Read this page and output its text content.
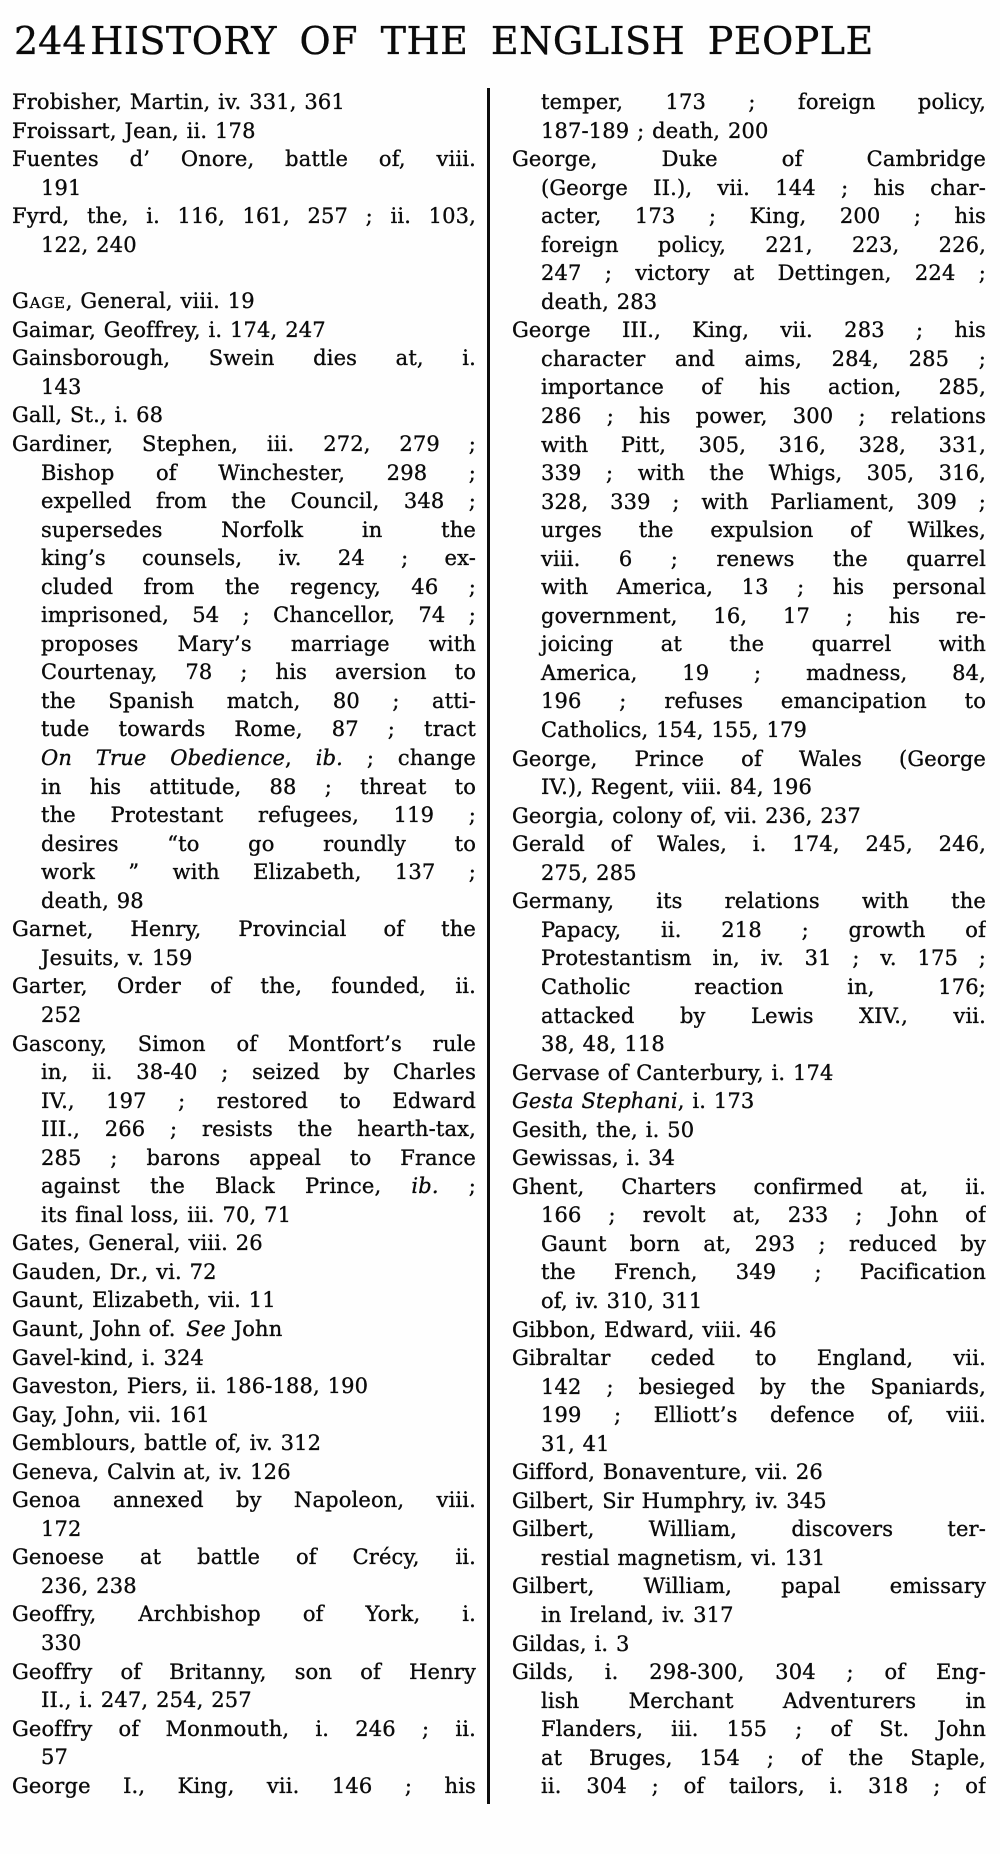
244 HISTORY OF THE ENGLISH PEOPLE
Frobisher, Martin, iv. 331, 361
Froissart, Jean, ii. 178
Fuentes d’ Onore, battle of, viii.
191
Fyrd, the, i. 116, 161, 257 ; ii. 103,
122, 240
Gage, General, viii. 19
Gaimar, Geoffrey, i. 174, 247
Gainsborough, Swein dies at, i.
143
Gall, St., i. 68
Gardiner, Stephen, iii. 272, 279 ;
Bishop of Winchester, 298 ;
expelled from the Council, 348 ;
supersedes Norfolk in the
king’s counsels, iv. 24 ; ex-
cluded from the regency, 46 ;
imprisoned, 54 ; Chancellor, 74 ;
proposes Mary’s marriage with
Courtenay, 78 ; his aversion to
the Spanish match, 80 ; atti-
tude towards Rome, 87 ; tract
On True Obedience, ib. ; change
in his attitude, 88 ; threat to
the Protestant refugees, 119 ;
desires “to go roundly to
work ” with Elizabeth, 137 ;
death, 98
Garnet, Henry, Provincial of the
Jesuits, v. 159
Garter, Order of the, founded, ii.
252
Gascony, Simon of Montfort’s rule
in, ii. 38-40 ; seized by Charles
IV., 197 ; restored to Edward
III., 266 ; resists the hearth-tax,
285 ; barons appeal to France
against the Black Prince, ib. ;
its final loss, iii. 70, 71
Gates, General, viii. 26
Gauden, Dr., vi. 72
Gaunt, Elizabeth, vii. 11
Gaunt, John of. See John
Gavel-kind, i. 324
Gaveston, Piers, ii. 186-188, 190
Gay, John, vii. 161
Gemblours, battle of, iv. 312
Geneva, Calvin at, iv. 126
Genoa annexed by Napoleon, viii.
172
Genoese at battle of Crécy, ii.
236, 238
Geoffry, Archbishop of York, i.
330
Geoffry of Britanny, son of Henry
II., i. 247, 254, 257
Geoffry of Monmouth, i. 246 ; ii.
57
George I., King, vii. 146 ; his
temper, 173 ; foreign policy,
187-189 ; death, 200
George, Duke of Cambridge
(George II.), vii. 144 ; his char-
acter, 173 ; King, 200 ; his
foreign policy, 221, 223, 226,
247 ; victory at Dettingen, 224 ;
death, 283
George III., King, vii. 283 ; his
character and aims, 284, 285 ;
importance of his action, 285,
286 ; his power, 300 ; relations
with Pitt, 305, 316, 328, 331,
339 ; with the Whigs, 305, 316,
328, 339 ; with Parliament, 309 ;
urges the expulsion of Wilkes,
viii. 6 ; renews the quarrel
with America, 13 ; his personal
government, 16, 17 ; his re-
joicing at the quarrel with
America, 19 ; madness, 84,
196 ; refuses emancipation to
Catholics, 154, 155, 179
George, Prince of Wales (George
IV.), Regent, viii. 84, 196
Georgia, colony of, vii. 236, 237
Gerald of Wales, i. 174, 245, 246,
275, 285
Germany, its relations with the
Papacy, ii. 218 ; growth of
Protestantism in, iv. 31 ; v. 175 ;
Catholic reaction in, 176;
attacked by Lewis XIV., vii.
38, 48, 118
Gervase of Canterbury, i. 174
Gesta Stephani, i. 173
Gesith, the, i. 50
Gewissas, i. 34
Ghent, Charters confirmed at, ii.
166 ; revolt at, 233 ; John of
Gaunt born at, 293 ; reduced by
the French, 349 ; Pacification
of, iv. 310, 311
Gibbon, Edward, viii. 46
Gibraltar ceded to England, vii.
142 ; besieged by the Spaniards,
199 ; Elliott’s defence of, viii.
31, 41
Gifford, Bonaventure, vii. 26
Gilbert, Sir Humphry, iv. 345
Gilbert, William, discovers ter-
restial magnetism, vi. 131
Gilbert, William, papal emissary
in Ireland, iv. 317
Gildas, i. 3
Gilds, i. 298-300, 304 ; of Eng-
lish Merchant Adventurers in
Flanders, iii. 155 ; of St. John
at Bruges, 154 ; of the Staple,
ii. 304 ; of tailors, i. 318 ; of
